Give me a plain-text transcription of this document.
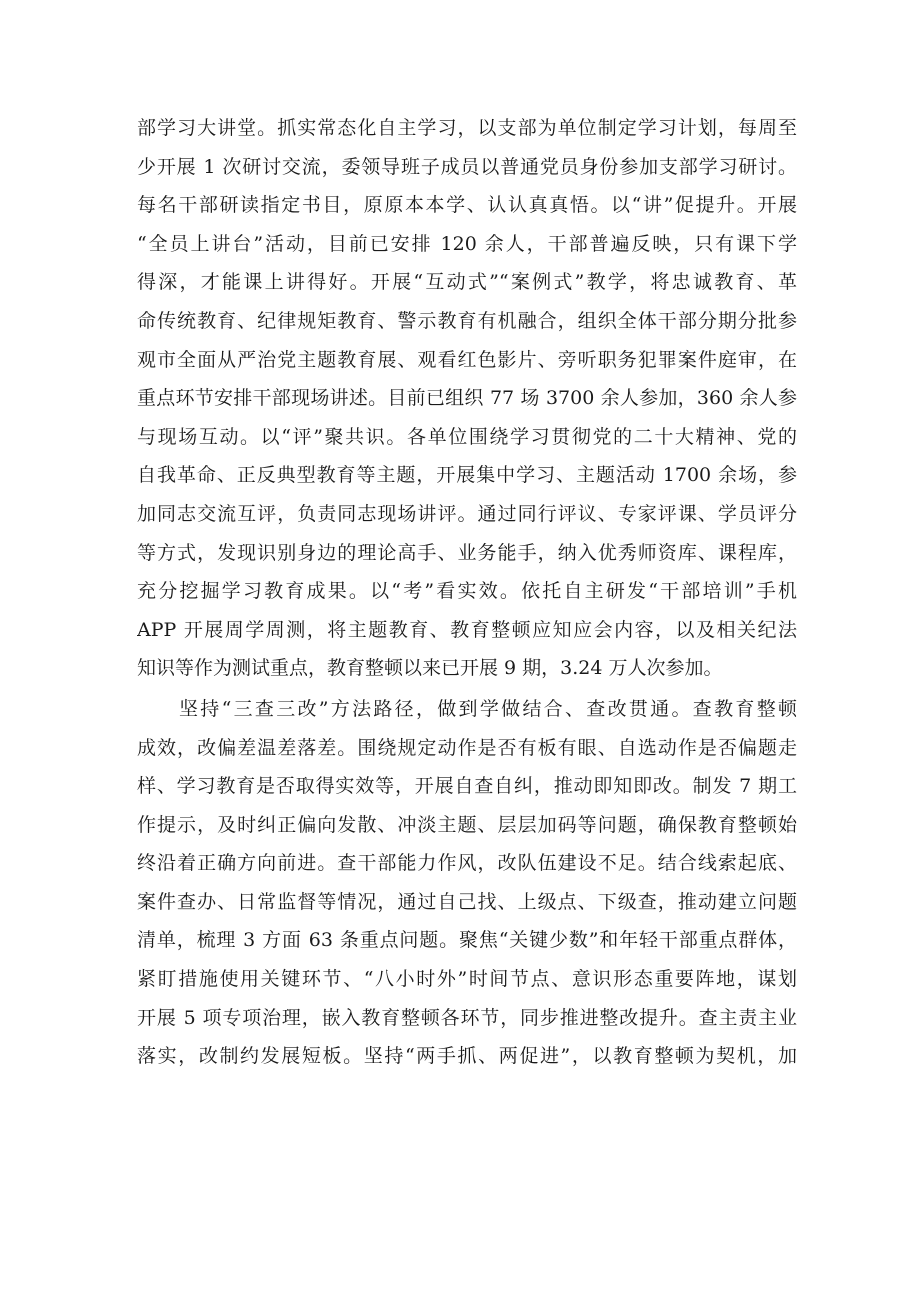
部学习大讲堂。抓实常态化自主学习，以支部为单位制定学习计划，每周至
少开展 1 次研讨交流，委领导班子成员以普通党员身份参加支部学习研讨。
每名干部研读指定书目，原原本本学、认认真真悟。以“讲”促提升。开展
“全员上讲台”活动，目前已安排 120 余人，干部普遍反映，只有课下学
得深，才能课上讲得好。开展“互动式”“案例式”教学，将忠诚教育、革
命传统教育、纪律规矩教育、警示教育有机融合，组织全体干部分期分批参
观市全面从严治党主题教育展、观看红色影片、旁听职务犯罪案件庭审，在
重点环节安排干部现场讲述。目前已组织 77 场 3700 余人参加，360 余人参
与现场互动。以“评”聚共识。各单位围绕学习贯彻党的二十大精神、党的
自我革命、正反典型教育等主题，开展集中学习、主题活动 1700 余场，参
加同志交流互评，负责同志现场讲评。通过同行评议、专家评课、学员评分
等方式，发现识别身边的理论高手、业务能手，纳入优秀师资库、课程库，
充分挖掘学习教育成果。以“考”看实效。依托自主研发“干部培训”手机
APP 开展周学周测，将主题教育、教育整顿应知应会内容，以及相关纪法
知识等作为测试重点，教育整顿以来已开展 9 期，3.24 万人次参加。
坚持“三查三改”方法路径，做到学做结合、查改贯通。查教育整顿
成效，改偏差温差落差。围绕规定动作是否有板有眼、自选动作是否偏题走
样、学习教育是否取得实效等，开展自查自纠，推动即知即改。制发 7 期工
作提示，及时纠正偏向发散、冲淡主题、层层加码等问题，确保教育整顿始
终沿着正确方向前进。查干部能力作风，改队伍建设不足。结合线索起底、
案件查办、日常监督等情况，通过自己找、上级点、下级查，推动建立问题
清单，梳理 3 方面 63 条重点问题。聚焦“关键少数”和年轻干部重点群体，
紧盯措施使用关键环节、“八小时外”时间节点、意识形态重要阵地，谋划
开展 5 项专项治理，嵌入教育整顿各环节，同步推进整改提升。查主责主业
落实，改制约发展短板。坚持“两手抓、两促进”，以教育整顿为契机，加
